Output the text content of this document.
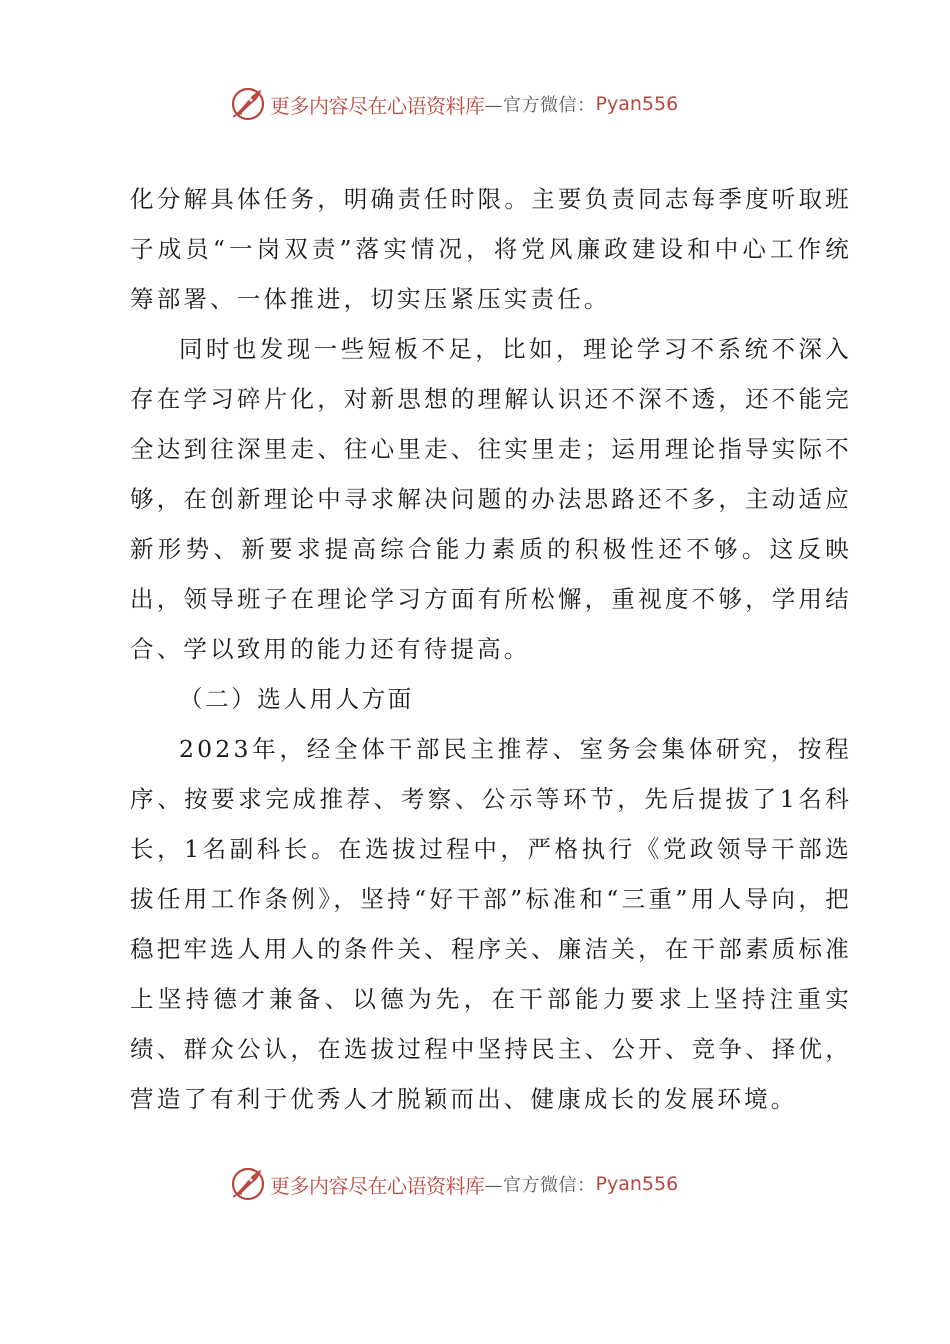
更多内容尽在心语资料库 —官方微信： Pyan556

化分解具体任务，明确责任时限。主要负责同志每季度听取班子成员“一岗双责”落实情况，将党风廉政建设和中心工作统筹部署、一体推进，切实压紧压实责任。

同时也发现一些短板不足，比如，理论学习不系统不深入存在学习碎片化，对新思想的理解认识还不深不透，还不能完全达到往深里走、往心里走、往实里走；运用理论指导实际不够，在创新理论中寻求解决问题的办法思路还不多，主动适应新形势、新要求提高综合能力素质的积极性还不够。这反映出，领导班子在理论学习方面有所松懈，重视度不够，学用结合、学以致用的能力还有待提高。

（二）选人用人方面

2023年，经全体干部民主推荐、室务会集体研究，按程序、按要求完成推荐、考察、公示等环节，先后提拔了1名科长，1名副科长。在选拔过程中，严格执行《党政领导干部选拔任用工作条例》，坚持“好干部”标准和“三重”用人导向，把稳把牢选人用人的条件关、程序关、廉洁关，在干部素质标准上坚持德才兼备、以德为先，在干部能力要求上坚持注重实绩、群众公认，在选拔过程中坚持民主、公开、竞争、择优，营造了有利于优秀人才脱颖而出、健康成长的发展环境。

更多内容尽在心语资料库 —官方微信： Pyan556
